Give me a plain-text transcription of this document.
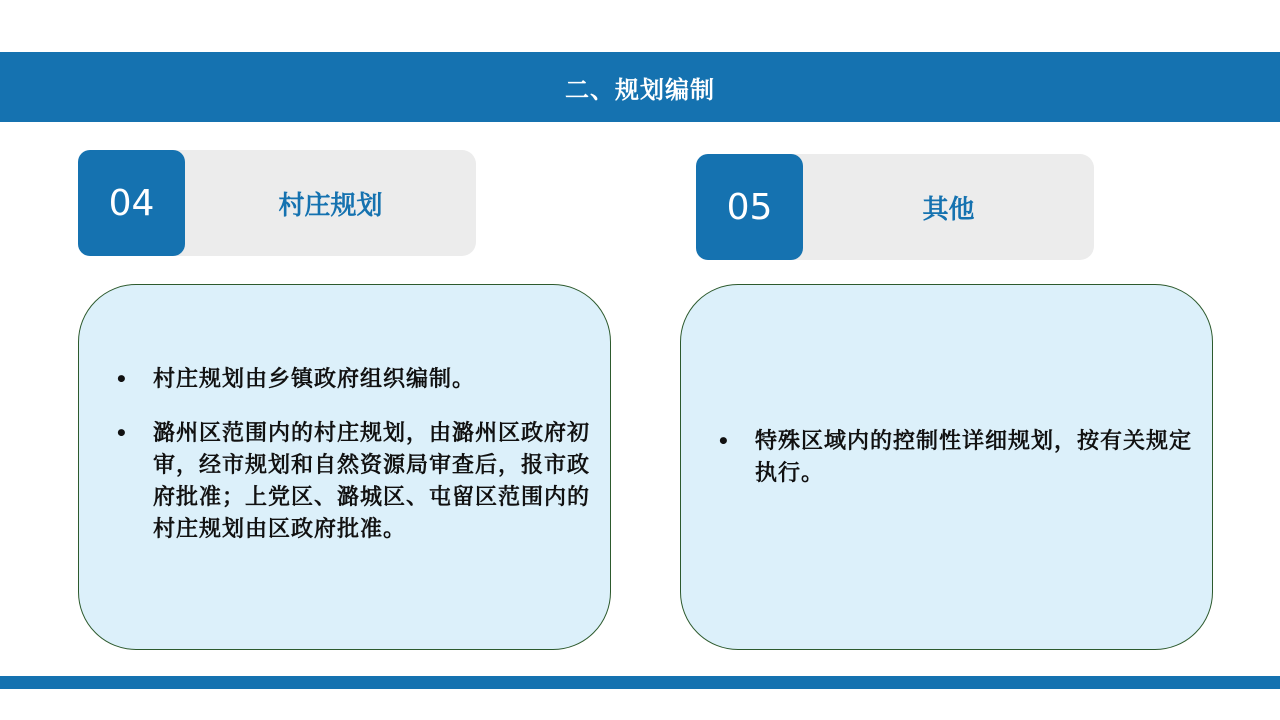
二、规划编制
04	村庄规划	05	其他
• 村庄规划由乡镇政府组织编制。
• 潞州区范围内的村庄规划，由潞州区政府初审，经市规划和自然资源局审查后，报市政府批准；上党区、潞城区、屯留区范围内的村庄规划由区政府批准。
• 特殊区域内的控制性详细规划，按有关规定执行。
